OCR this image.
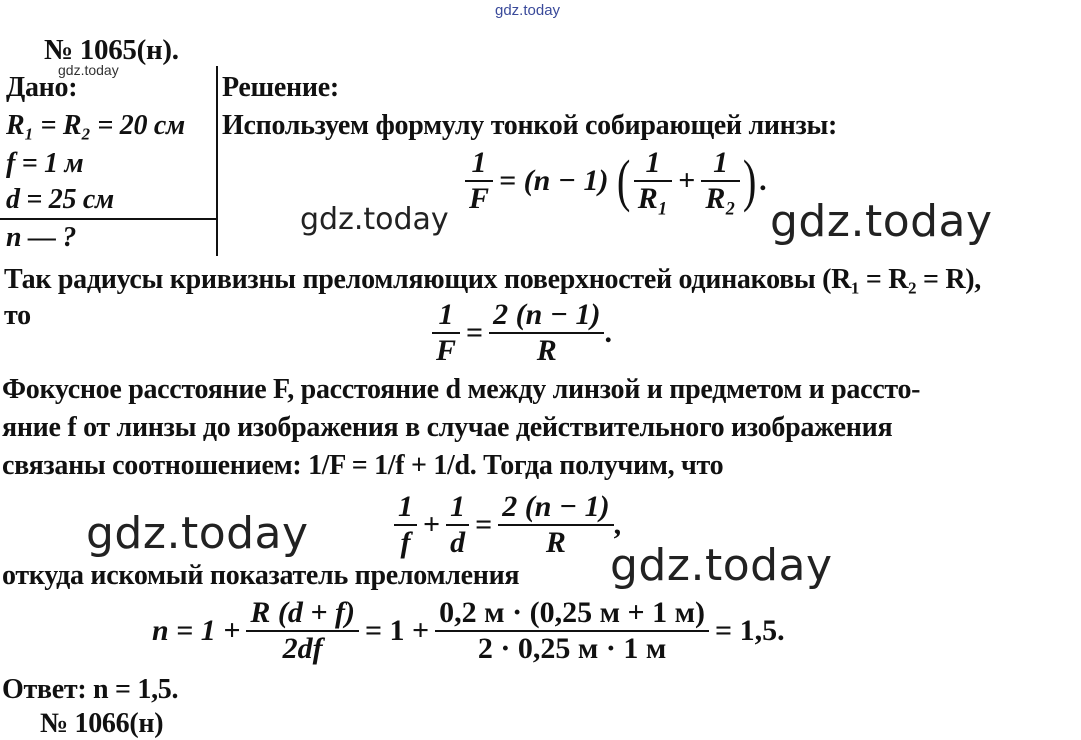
gdz.today
gdz.today
gdz.today	gdz.today
gdz.today
gdz.today
№ 1065(н).
Дано:
R₁ = R₂ = 20 см
f = 1 м
d = 25 см
n — ?
Решение:
Используем формулу тонкой собирающей линзы:
$\frac{1}{F} = (n - 1)$ ( $\frac{1}{\text{R₁}} + \frac{1}{\text{R₂}}$ ) .
Так радиусы кривизны преломляющих поверхностей одинаковы (R₁ = R₂ = R),
то	$\frac{1}{F} = \frac{2 (n - 1)}{R}$ .
Фокусное расстояние F, расстояние d между линзой и предметом и рассто-
яние f от линзы до изображения в случае действительного изображения
связаны соотношением: 1/F = 1/f + 1/d. Тогда получим, что
$\frac{1}{f} + \frac{1}{d} = \frac{2 (n - 1)}{R}$ ,
откуда искомый показатель преломления
$n = 1 + \frac{R (d + f)}{2df} = 1 + \frac{0,2 м \cdot (0,25 м + 1 м)}{2 \cdot 0,25 м \cdot 1 м} = 1,5$.
Ответ: n = 1,5.
№ 1066(н)
